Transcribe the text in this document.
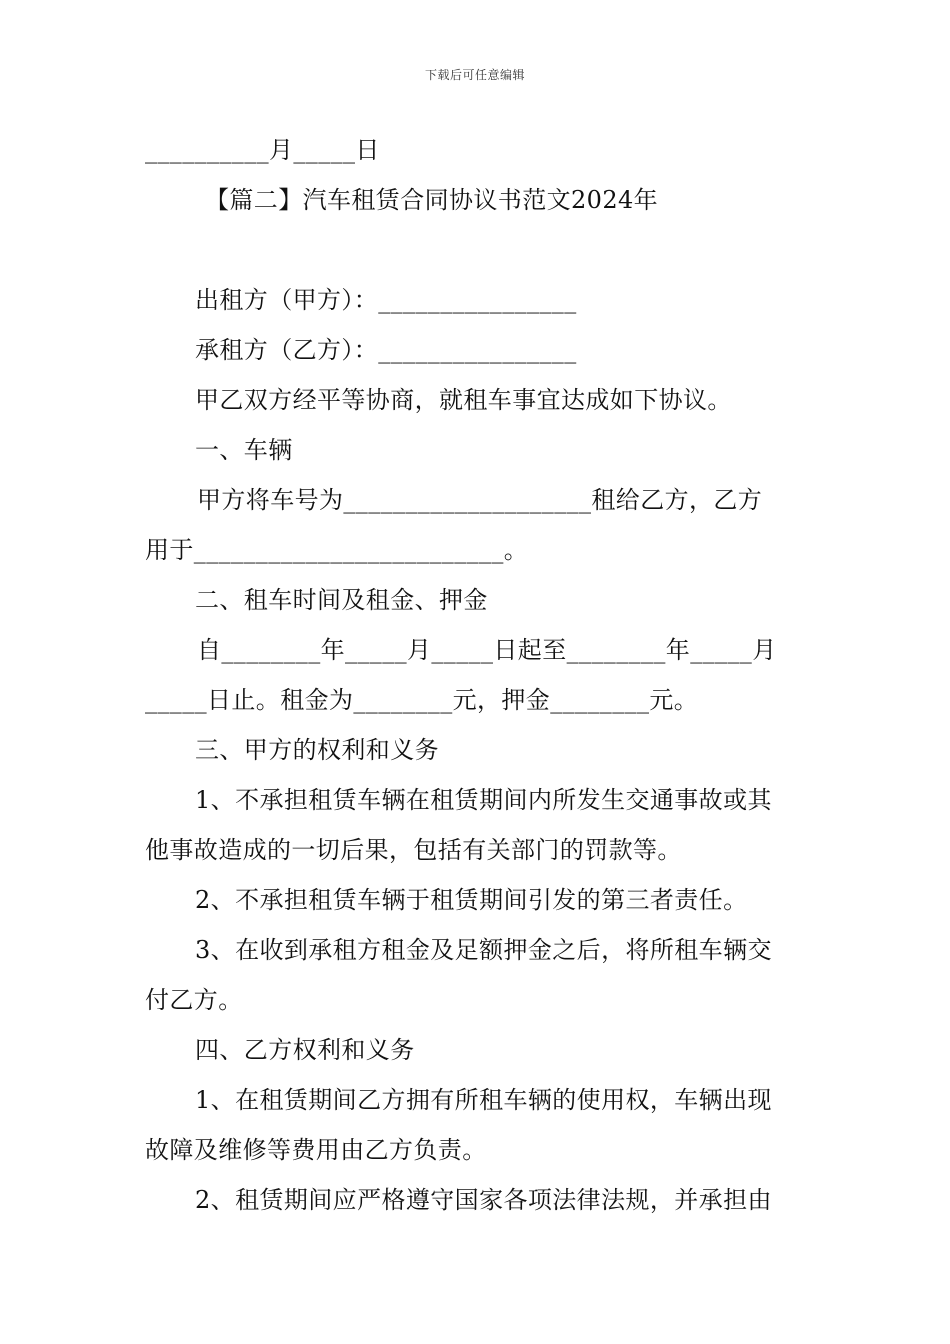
下载后可任意编辑
__________月_____日
【篇二】汽车租赁合同协议书范文2024年
出租方（甲方）：________________
承租方（乙方）：________________
甲乙双方经平等协商，就租车事宜达成如下协议。
一、车辆
甲方将车号为____________________租给乙方，乙方
用于_________________________。
二、租车时间及租金、押金
自________年_____月_____日起至________年_____月
_____日止。租金为________元，押金________元。
三、甲方的权利和义务
1、不承担租赁车辆在租赁期间内所发生交通事故或其
他事故造成的一切后果，包括有关部门的罚款等。
2、不承担租赁车辆于租赁期间引发的第三者责任。
3、在收到承租方租金及足额押金之后，将所租车辆交
付乙方。
四、乙方权利和义务
1、在租赁期间乙方拥有所租车辆的使用权，车辆出现
故障及维修等费用由乙方负责。
2、租赁期间应严格遵守国家各项法律法规，并承担由
